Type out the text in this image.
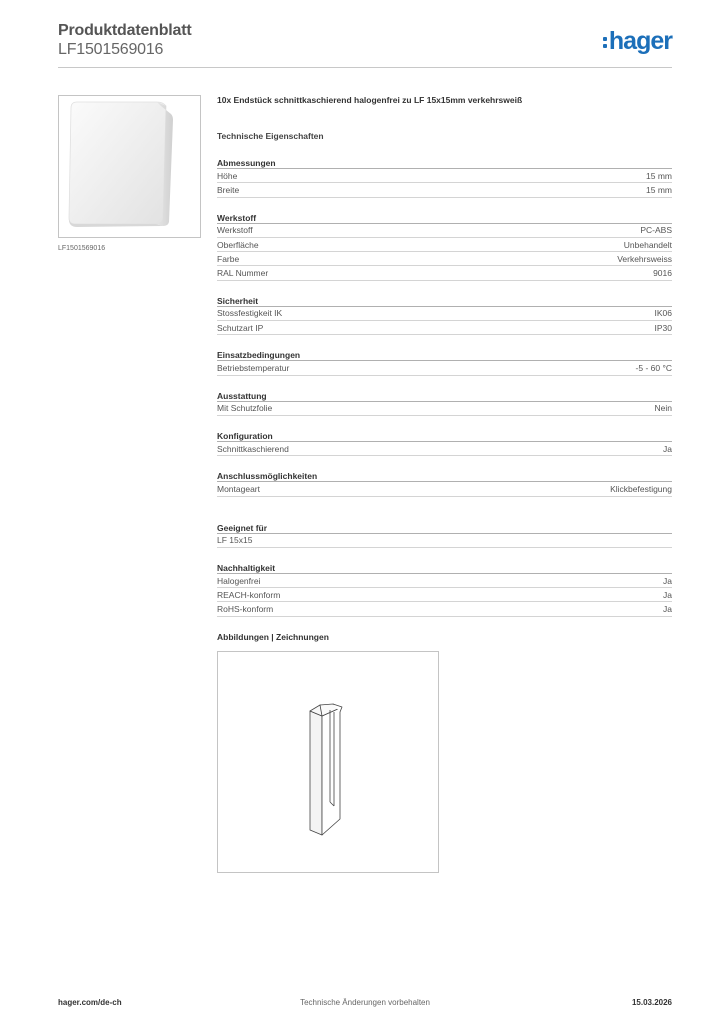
Produktdatenblatt
LF1501569016	hager
LF1501569016
10x Endstück schnittkaschierend halogenfrei zu LF 15x15mm verkehrsweiß
Technische Eigenschaften
Abmessungen
Höhe	15 mm
Breite	15 mm
Werkstoff
Werkstoff	PC-ABS
Oberfläche	Unbehandelt
Farbe	Verkehrsweiss
RAL Nummer	9016
Sicherheit
Stossfestigkeit IK	IK06
Schutzart IP	IP30
Einsatzbedingungen
Betriebstemperatur	-5 - 60 °C
Ausstattung
Mit Schutzfolie	Nein
Konfiguration
Schnittkaschierend	Ja
Anschlussmöglichkeiten
Montageart	Klickbefestigung
Geeignet für
LF 15x15
Nachhaltigkeit
Halogenfrei	Ja
REACH-konform	Ja
RoHS-konform	Ja
Abbildungen | Zeichnungen
Technische Änderungen vorbehalten
hager.com/de-ch	15.03.2026
